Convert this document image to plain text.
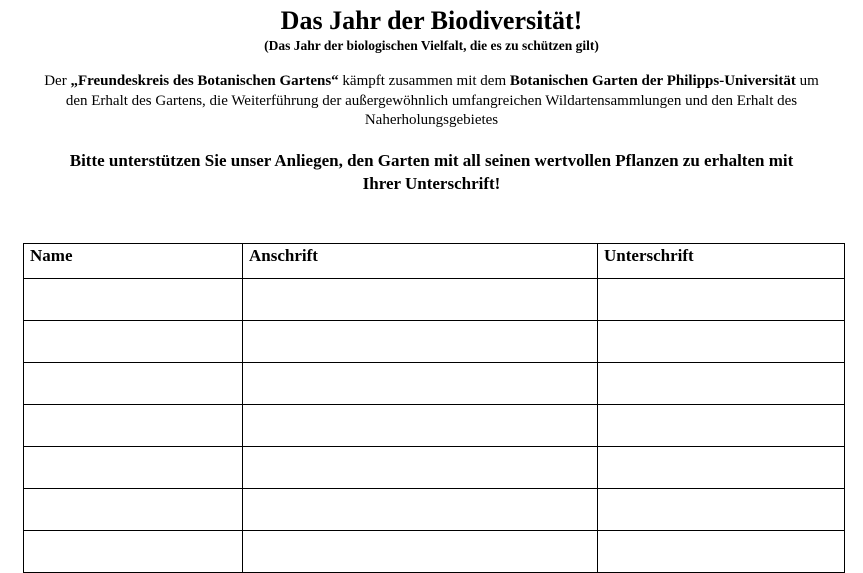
Das Jahr der Biodiversität!
(Das Jahr der biologischen Vielfalt, die es zu schützen gilt)
Der „Freundeskreis des Botanischen Gartens“ kämpft zusammen mit dem Botanischen Garten der Philipps-Universität um den Erhalt des Gartens, die Weiterführung der außergewöhnlich umfangreichen Wildartensammlungen und den Erhalt des Naherholungsgebietes
Bitte unterstützen Sie unser Anliegen, den Garten mit all seinen wertvollen Pflanzen zu erhalten mit Ihrer Unterschrift!
Name	Anschrift	Unterschrift
